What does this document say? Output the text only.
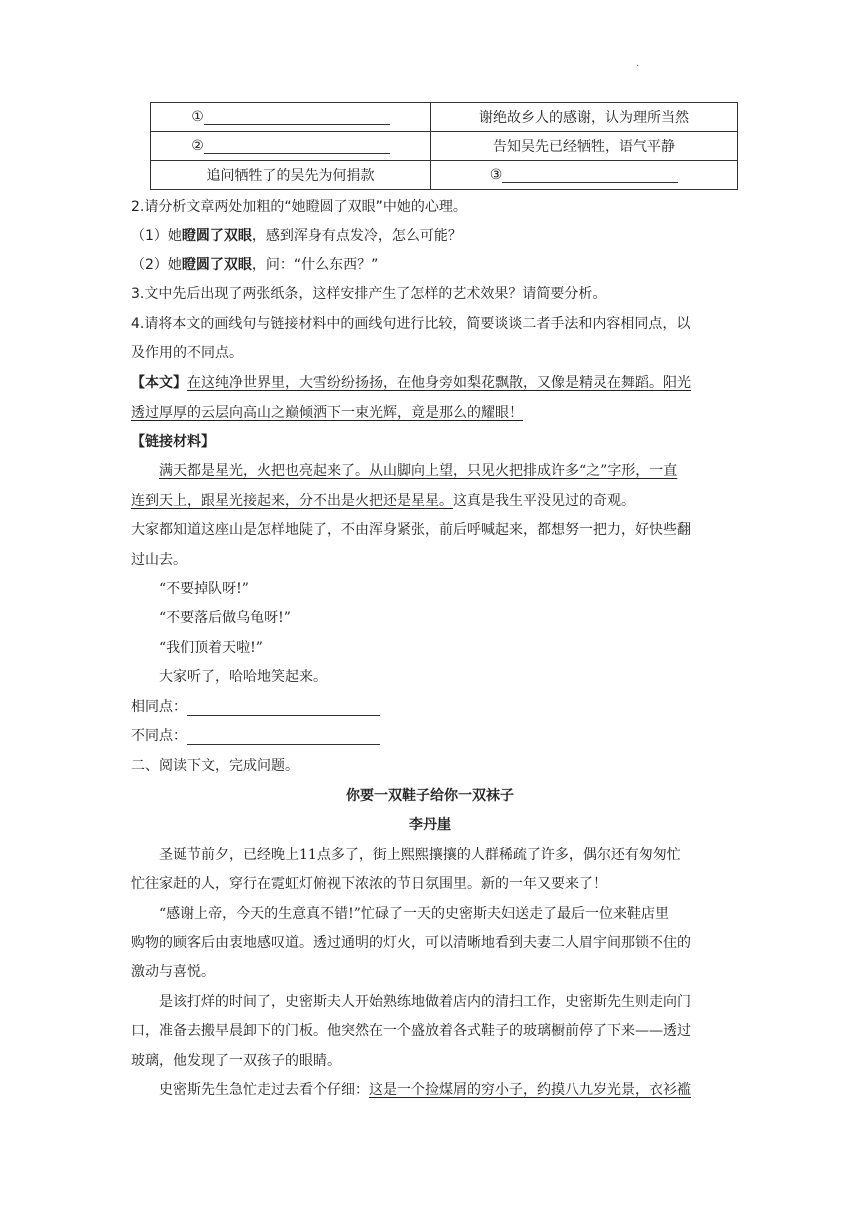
.
①	谢绝故乡人的感谢，认为理所当然
②	告知吴先已经牺牲，语气平静
追问牺牲了的吴先为何捐款	③
2.请分析文章两处加粗的“她瞪圆了双眼”中她的心理。
（1）她瞪圆了双眼，感到浑身有点发冷，怎么可能？
（2）她瞪圆了双眼，问：“什么东西？”
3.文中先后出现了两张纸条，这样安排产生了怎样的艺术效果？请简要分析。
4.请将本文的画线句与链接材料中的画线句进行比较，简要谈谈二者手法和内容相同点，以
及作用的不同点。
【本文】在这纯净世界里，大雪纷纷扬扬，在他身旁如梨花飘散，又像是精灵在舞蹈。阳光
透过厚厚的云层向高山之巅倾洒下一束光辉，竟是那么的耀眼！
【链接材料】
满天都是星光，火把也亮起来了。从山脚向上望，只见火把排成许多“之”字形，一直
连到天上，跟星光接起来，分不出是火把还是星星。这真是我生平没见过的奇观。
大家都知道这座山是怎样地陡了，不由浑身紧张，前后呼喊起来，都想努一把力，好快些翻
过山去。
“不要掉队呀!”
“不要落后做乌龟呀!”
“我们顶着天啦!”
大家听了，哈哈地笑起来。
相同点：
不同点：
二、阅读下文，完成问题。
你要一双鞋子给你一双袜子
李丹崖
圣诞节前夕，已经晚上11点多了，街上熙熙攘攘的人群稀疏了许多，偶尔还有匆匆忙
忙往家赶的人，穿行在霓虹灯俯视下浓浓的节日氛围里。新的一年又要来了！
“感谢上帝，今天的生意真不错!”忙碌了一天的史密斯夫妇送走了最后一位来鞋店里
购物的顾客后由衷地感叹道。透过通明的灯火，可以清晰地看到夫妻二人眉宇间那锁不住的
激动与喜悦。
是该打烊的时间了，史密斯夫人开始熟练地做着店内的清扫工作，史密斯先生则走向门
口，准备去搬早晨卸下的门板。他突然在一个盛放着各式鞋子的玻璃橱前停了下来——透过
玻璃，他发现了一双孩子的眼睛。
史密斯先生急忙走过去看个仔细：这是一个捡煤屑的穷小子，约摸八九岁光景，衣衫褴
